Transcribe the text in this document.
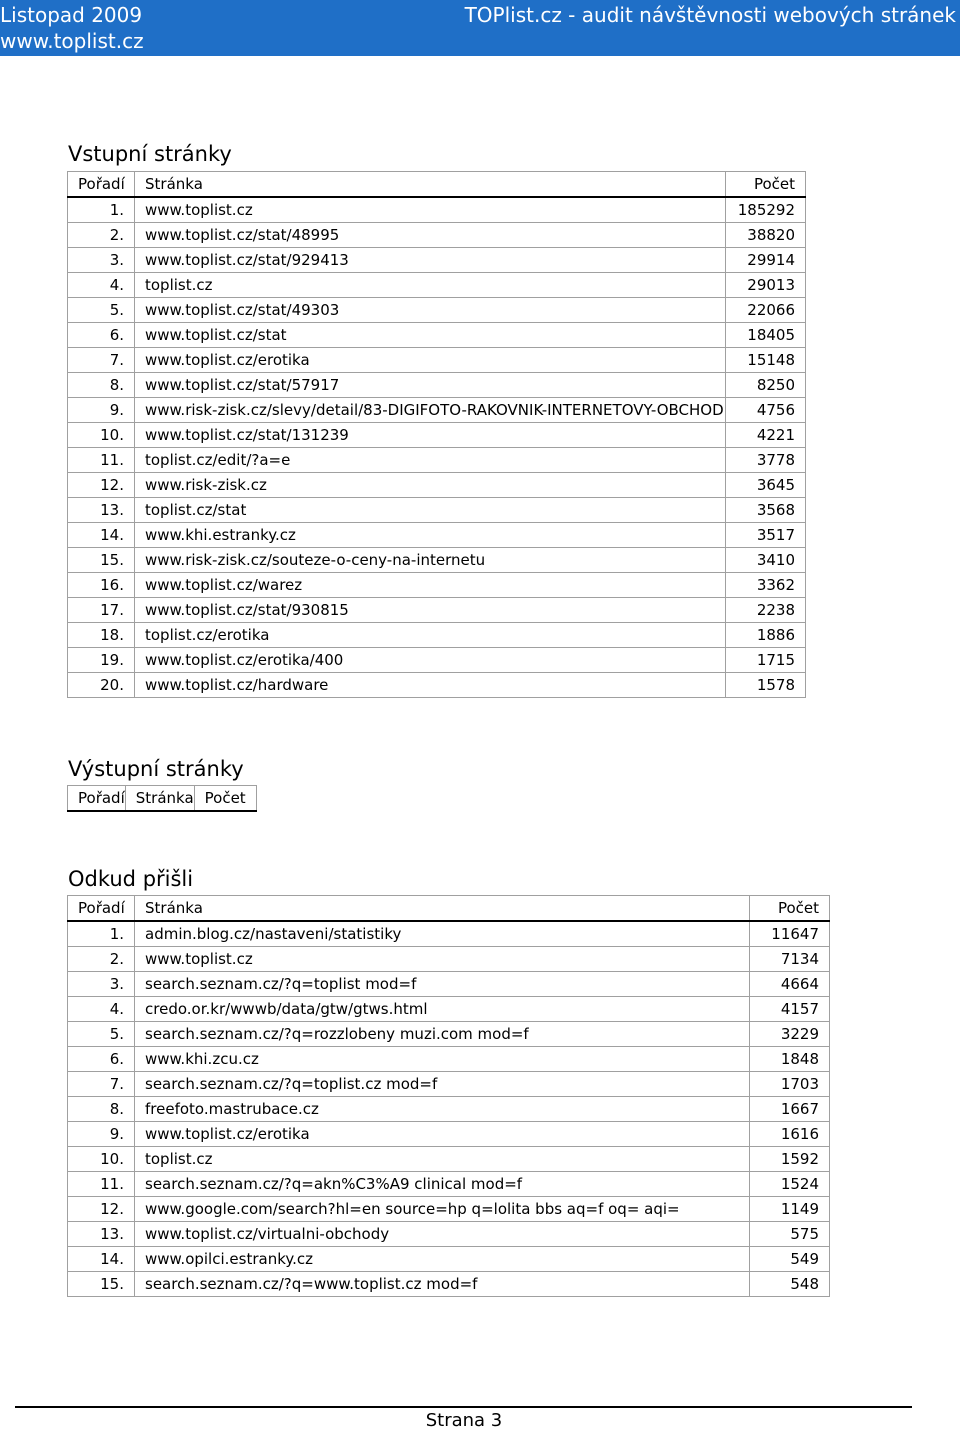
Listopad 2009
www.toplist.cz
TOPlist.cz - audit návštěvnosti webových stránek
Vstupní stránky
Pořadí	Stránka	Počet
1.	www.toplist.cz	185292
2.	www.toplist.cz/stat/48995	38820
3.	www.toplist.cz/stat/929413	29914
4.	toplist.cz	29013
5.	www.toplist.cz/stat/49303	22066
6.	www.toplist.cz/stat	18405
7.	www.toplist.cz/erotika	15148
8.	www.toplist.cz/stat/57917	8250
9.	www.risk-zisk.cz/slevy/detail/83-DIGIFOTO-RAKOVNIK-INTERNETOVY-OBCHOD	4756
10.	www.toplist.cz/stat/131239	4221
11.	toplist.cz/edit/?a=e	3778
12.	www.risk-zisk.cz	3645
13.	toplist.cz/stat	3568
14.	www.khi.estranky.cz	3517
15.	www.risk-zisk.cz/souteze-o-ceny-na-internetu	3410
16.	www.toplist.cz/warez	3362
17.	www.toplist.cz/stat/930815	2238
18.	toplist.cz/erotika	1886
19.	www.toplist.cz/erotika/400	1715
20.	www.toplist.cz/hardware	1578
Výstupní stránky
Pořadí	Stránka	Počet
Odkud přišli
Pořadí	Stránka	Počet
1.	admin.blog.cz/nastaveni/statistiky	11647
2.	www.toplist.cz	7134
3.	search.seznam.cz/?q=toplist mod=f	4664
4.	credo.or.kr/wwwb/data/gtw/gtws.html	4157
5.	search.seznam.cz/?q=rozzlobeny muzi.com mod=f	3229
6.	www.khi.zcu.cz	1848
7.	search.seznam.cz/?q=toplist.cz mod=f	1703
8.	freefoto.mastrubace.cz	1667
9.	www.toplist.cz/erotika	1616
10.	toplist.cz	1592
11.	search.seznam.cz/?q=akn%C3%A9 clinical mod=f	1524
12.	www.google.com/search?hl=en source=hp q=lolita bbs aq=f oq= aqi=	1149
13.	www.toplist.cz/virtualni-obchody	575
14.	www.opilci.estranky.cz	549
15.	search.seznam.cz/?q=www.toplist.cz mod=f	548
Strana 3
